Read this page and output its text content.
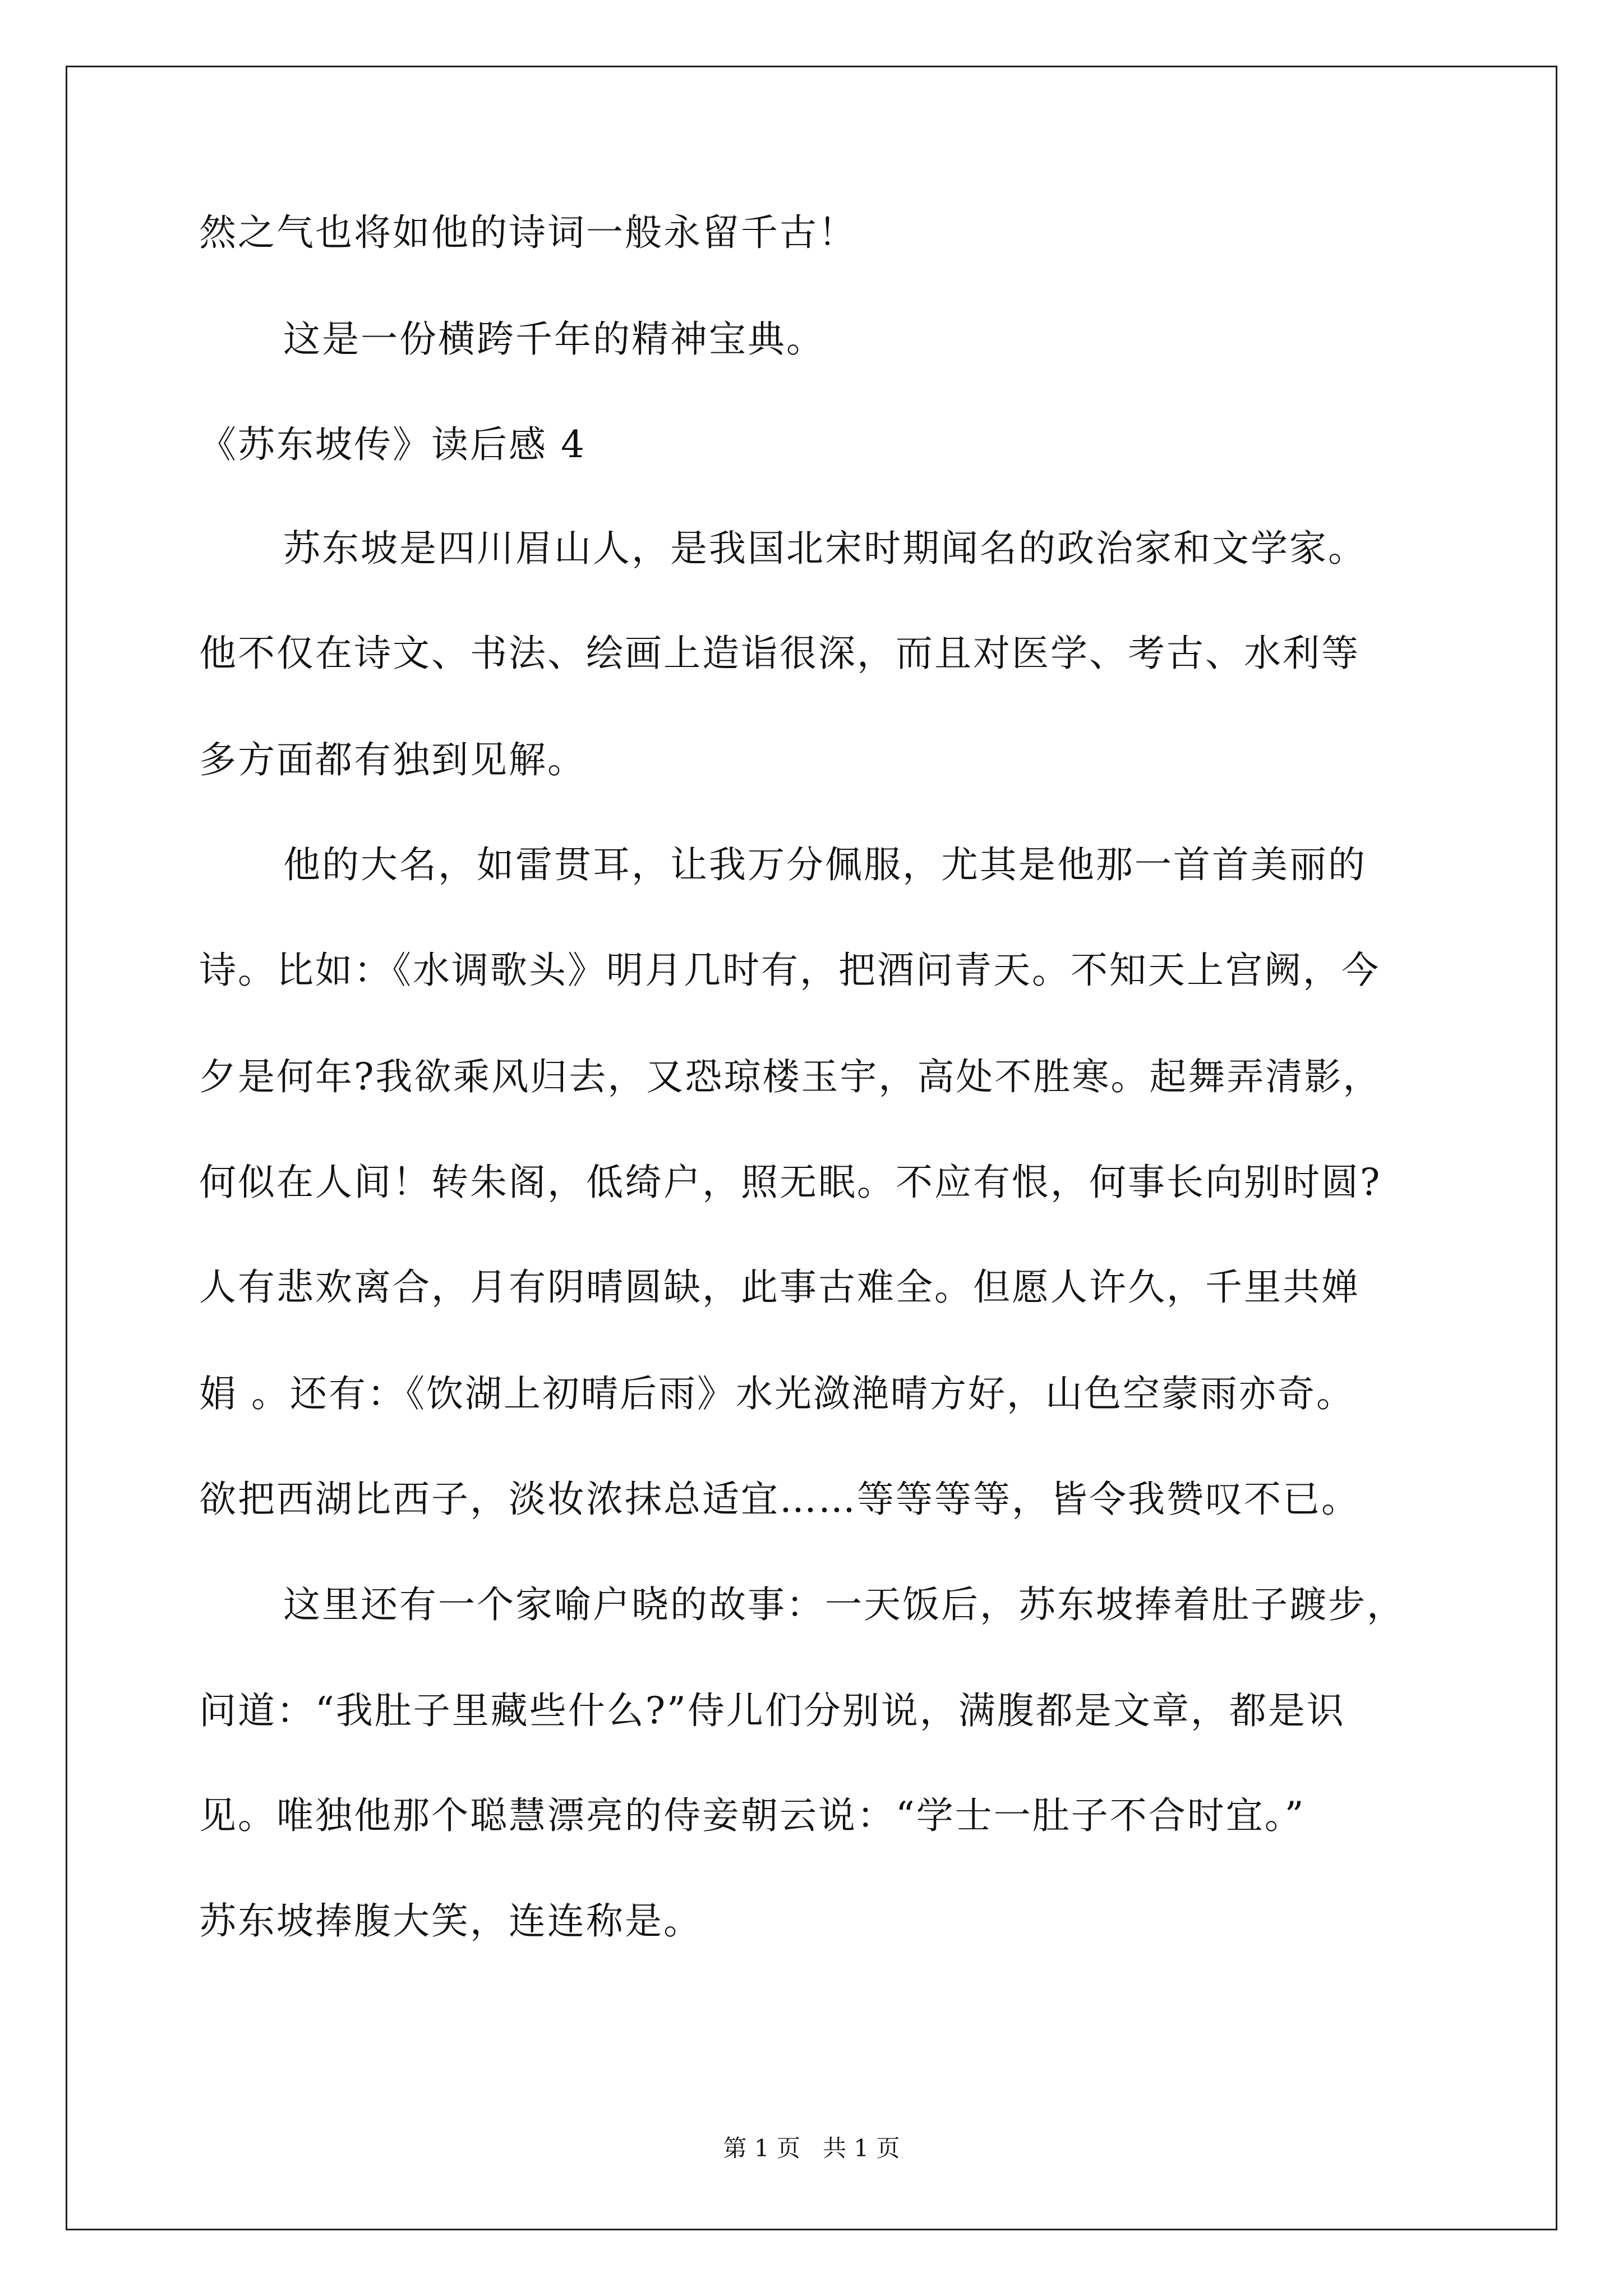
然之气也将如他的诗词一般永留千古！
这是一份横跨千年的精神宝典。
《苏东坡传》读后感 4
苏东坡是四川眉山人，是我国北宋时期闻名的政治家和文学家。
他不仅在诗文、书法、绘画上造诣很深，而且对医学、考古、水利等
多方面都有独到见解。
他的大名，如雷贯耳，让我万分佩服，尤其是他那一首首美丽的
诗。比如：《水调歌头》明月几时有，把酒问青天。不知天上宫阙，今
夕是何年?我欲乘风归去，又恐琼楼玉宇，高处不胜寒。起舞弄清影，
何似在人间！转朱阁，低绮户，照无眠。不应有恨，何事长向别时圆?
人有悲欢离合，月有阴晴圆缺，此事古难全。但愿人许久，千里共婵
娟 。还有：《饮湖上初晴后雨》水光潋滟晴方好，山色空蒙雨亦奇。
欲把西湖比西子，淡妆浓抹总适宜……等等等等，皆令我赞叹不已。
这里还有一个家喻户晓的故事：一天饭后，苏东坡捧着肚子踱步，
问道：“我肚子里藏些什么?”侍儿们分别说，满腹都是文章，都是识
见。唯独他那个聪慧漂亮的侍妾朝云说：“学士一肚子不合时宜。”
苏东坡捧腹大笑，连连称是。
第 1 页   共 1 页
